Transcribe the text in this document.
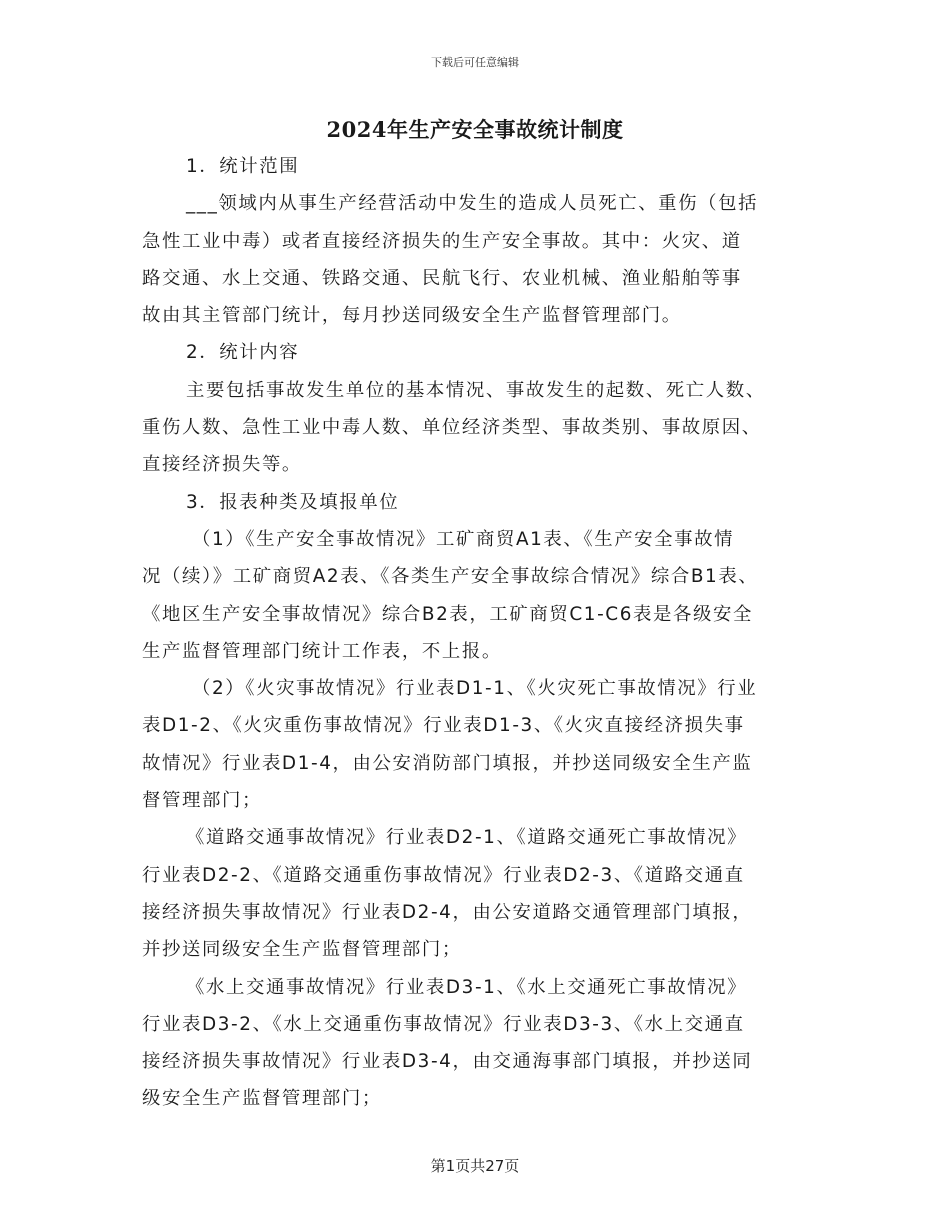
下载后可任意编辑
2024年生产安全事故统计制度
1．统计范围
___领域内从事生产经营活动中发生的造成人员死亡、重伤（包括
急性工业中毒）或者直接经济损失的生产安全事故。其中：火灾、道
路交通、水上交通、铁路交通、民航飞行、农业机械、渔业船舶等事
故由其主管部门统计，每月抄送同级安全生产监督管理部门。
2．统计内容
主要包括事故发生单位的基本情况、事故发生的起数、死亡人数、
重伤人数、急性工业中毒人数、单位经济类型、事故类别、事故原因、
直接经济损失等。
3．报表种类及填报单位
（1）《生产安全事故情况》工矿商贸A1表、《生产安全事故情
况（续）》工矿商贸A2表、《各类生产安全事故综合情况》综合B1表、
《地区生产安全事故情况》综合B2表，工矿商贸C1-C6表是各级安全
生产监督管理部门统计工作表，不上报。
（2）《火灾事故情况》行业表D1-1、《火灾死亡事故情况》行业
表D1-2、《火灾重伤事故情况》行业表D1-3、《火灾直接经济损失事
故情况》行业表D1-4，由公安消防部门填报，并抄送同级安全生产监
督管理部门；
《道路交通事故情况》行业表D2-1、《道路交通死亡事故情况》
行业表D2-2、《道路交通重伤事故情况》行业表D2-3、《道路交通直
接经济损失事故情况》行业表D2-4，由公安道路交通管理部门填报，
并抄送同级安全生产监督管理部门；
《水上交通事故情况》行业表D3-1、《水上交通死亡事故情况》
行业表D3-2、《水上交通重伤事故情况》行业表D3-3、《水上交通直
接经济损失事故情况》行业表D3-4，由交通海事部门填报，并抄送同
级安全生产监督管理部门；
第1页共27页
